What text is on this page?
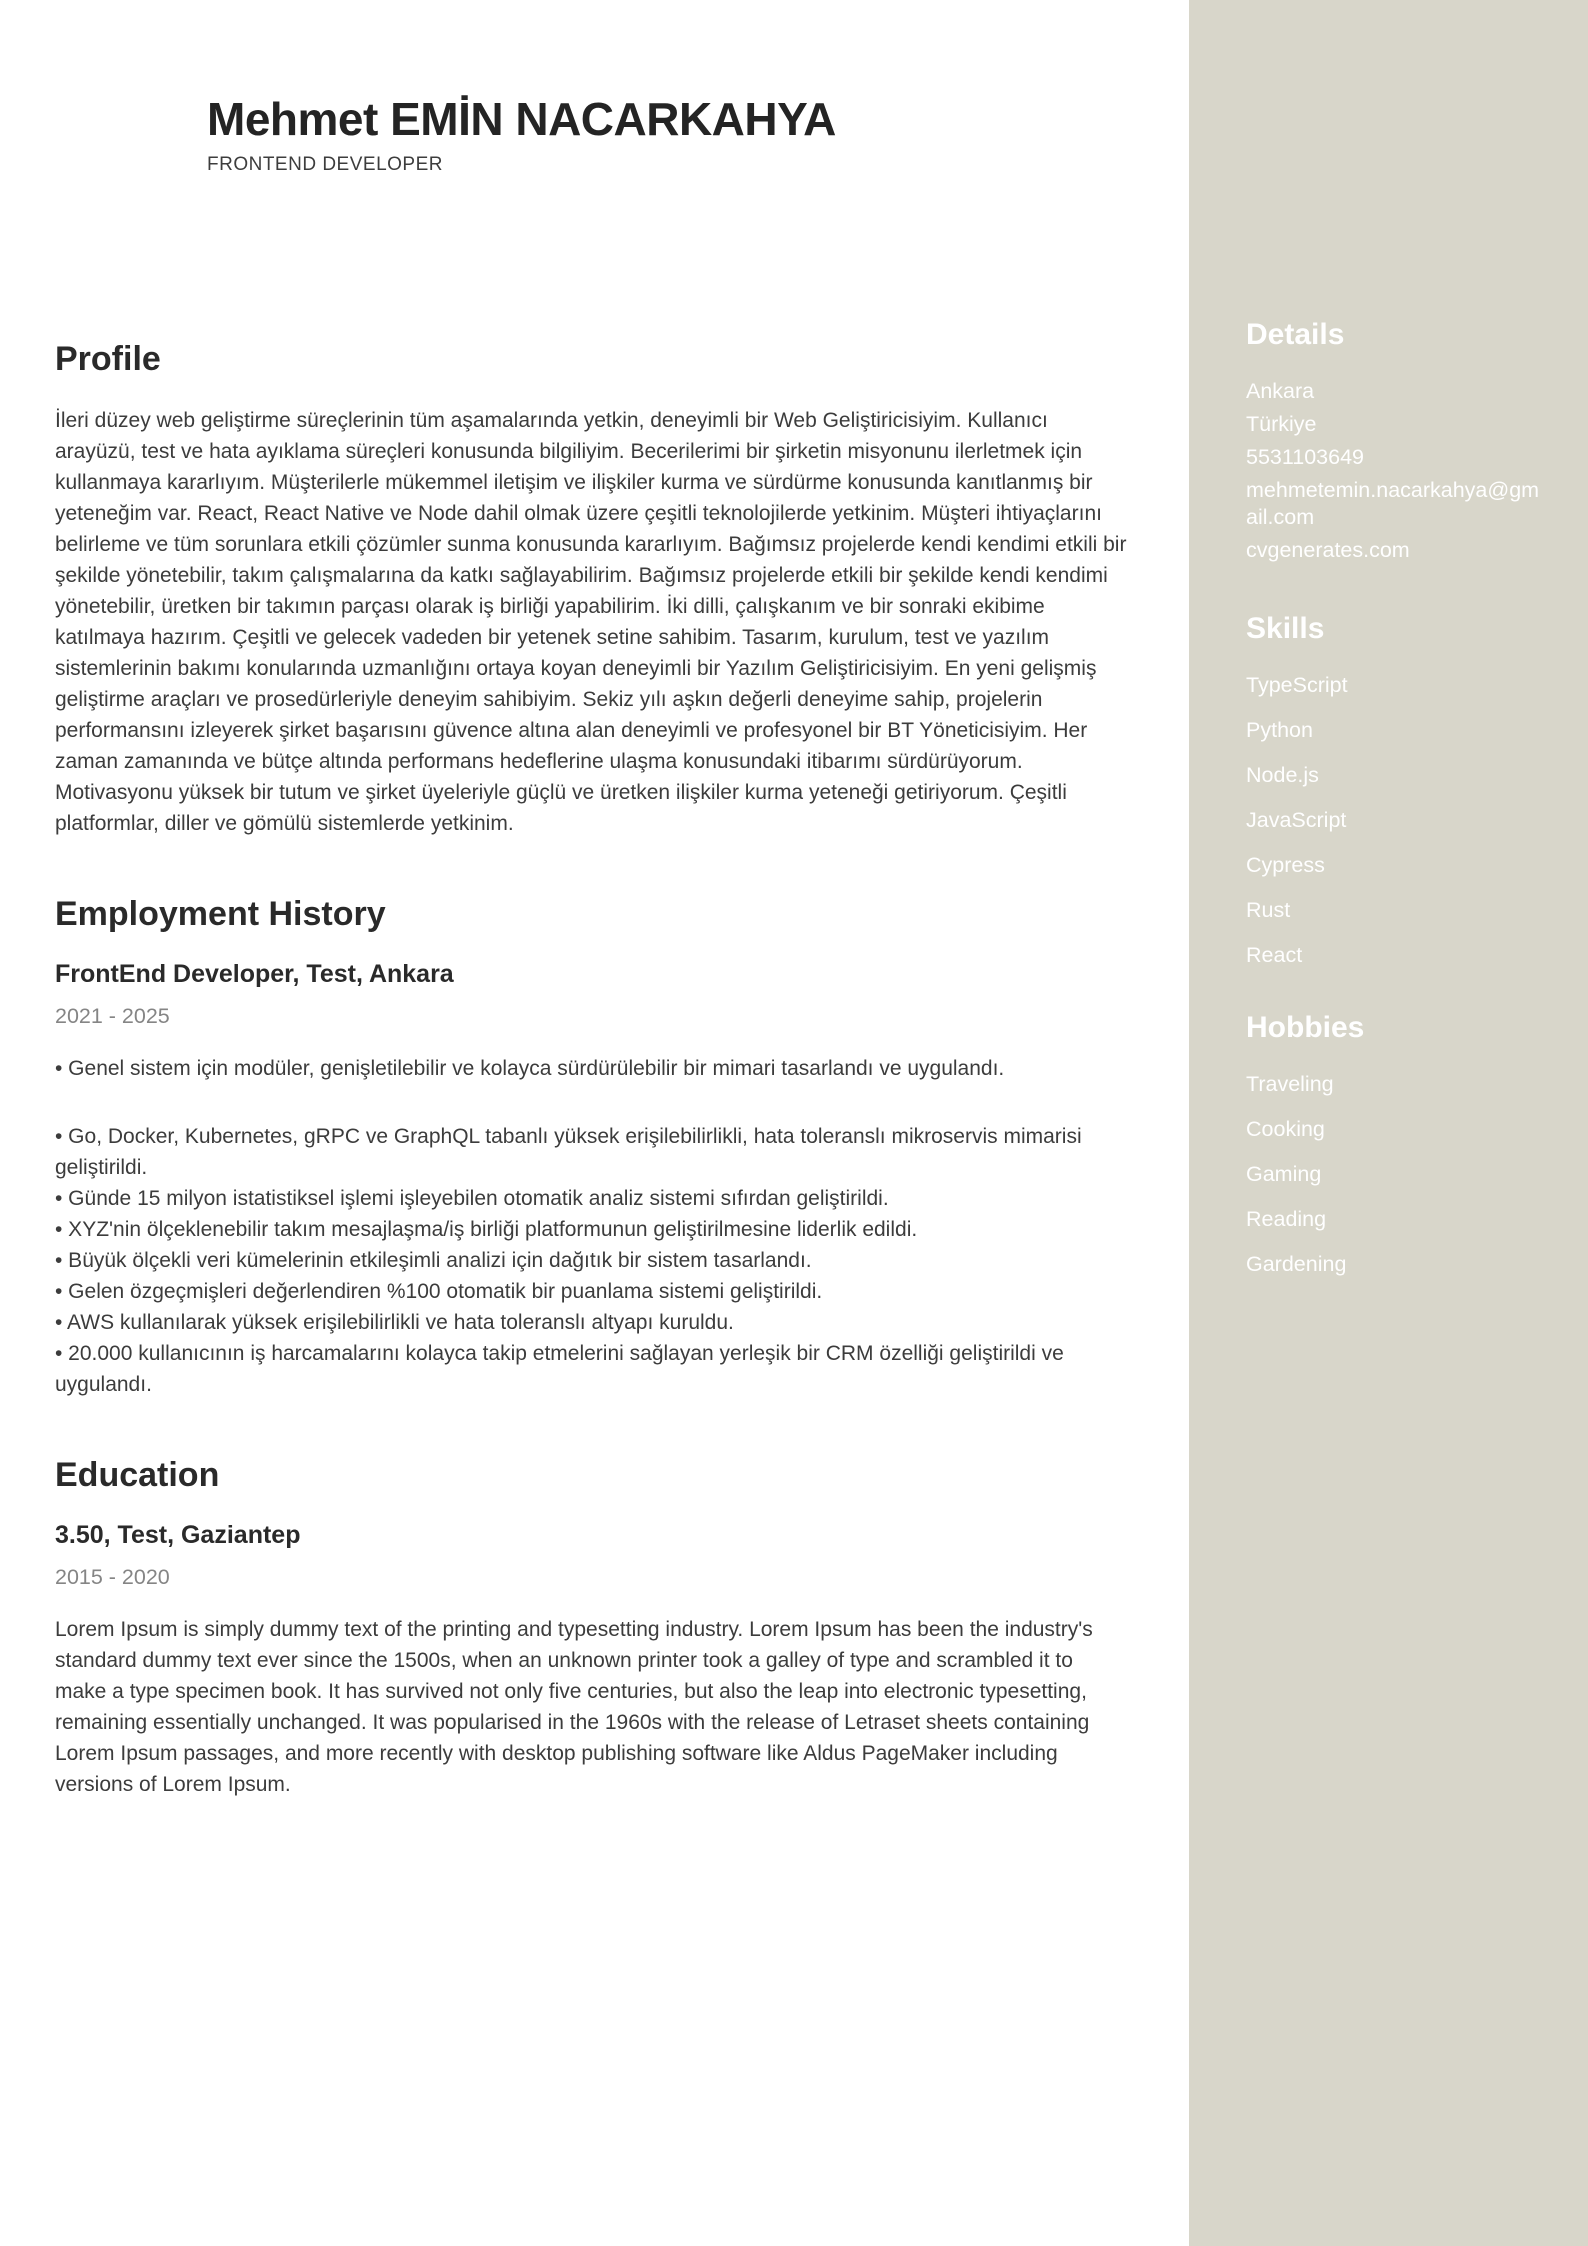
Mehmet EMİN NACARKAHYA
FRONTEND DEVELOPER
Profile

İleri düzey web geliştirme süreçlerinin tüm aşamalarında yetkin, deneyimli bir Web Geliştiricisiyim. Kullanıcı arayüzü, test ve hata ayıklama süreçleri konusunda bilgiliyim. Becerilerimi bir şirketin misyonunu ilerletmek için kullanmaya kararlıyım. Müşterilerle mükemmel iletişim ve ilişkiler kurma ve sürdürme konusunda kanıtlanmış bir yeteneğim var. React, React Native ve Node dahil olmak üzere çeşitli teknolojilerde yetkinim. Müşteri ihtiyaçlarını belirleme ve tüm sorunlara etkili çözümler sunma konusunda kararlıyım. Bağımsız projelerde kendi kendimi etkili bir şekilde yönetebilir, takım çalışmalarına da katkı sağlayabilirim. Bağımsız projelerde etkili bir şekilde kendi kendimi yönetebilir, üretken bir takımın parçası olarak iş birliği yapabilirim. İki dilli, çalışkanım ve bir sonraki ekibime katılmaya hazırım. Çeşitli ve gelecek vadeden bir yetenek setine sahibim. Tasarım, kurulum, test ve yazılım sistemlerinin bakımı konularında uzmanlığını ortaya koyan deneyimli bir Yazılım Geliştiricisiyim. En yeni gelişmiş geliştirme araçları ve prosedürleriyle deneyim sahibiyim. Sekiz yılı aşkın değerli deneyime sahip, projelerin performansını izleyerek şirket başarısını güvence altına alan deneyimli ve profesyonel bir BT Yöneticisiyim. Her zaman zamanında ve bütçe altında performans hedeflerine ulaşma konusundaki itibarımı sürdürüyorum. Motivasyonu yüksek bir tutum ve şirket üyeleriyle güçlü ve üretken ilişkiler kurma yeteneği getiriyorum. Çeşitli platformlar, diller ve gömülü sistemlerde yetkinim.

Employment History
FrontEnd Developer, Test, Ankara
2021 - 2025

• Genel sistem için modüler, genişletilebilir ve kolayca sürdürülebilir bir mimari tasarlandı ve uygulandı.

• Go, Docker, Kubernetes, gRPC ve GraphQL tabanlı yüksek erişilebilirlikli, hata toleranslı mikroservis mimarisi geliştirildi.

• Günde 15 milyon istatistiksel işlemi işleyebilen otomatik analiz sistemi sıfırdan geliştirildi.

• XYZ'nin ölçeklenebilir takım mesajlaşma/iş birliği platformunun geliştirilmesine liderlik edildi.

• Büyük ölçekli veri kümelerinin etkileşimli analizi için dağıtık bir sistem tasarlandı.

• Gelen özgeçmişleri değerlendiren %100 otomatik bir puanlama sistemi geliştirildi.

• AWS kullanılarak yüksek erişilebilirlikli ve hata toleranslı altyapı kuruldu.

• 20.000 kullanıcının iş harcamalarını kolayca takip etmelerini sağlayan yerleşik bir CRM özelliği geliştirildi ve uygulandı.

Education
3.50, Test, Gaziantep
2015 - 2020

Lorem Ipsum is simply dummy text of the printing and typesetting industry. Lorem Ipsum has been the industry's standard dummy text ever since the 1500s, when an unknown printer took a galley of type and scrambled it to make a type specimen book. It has survived not only five centuries, but also the leap into electronic typesetting, remaining essentially unchanged. It was popularised in the 1960s with the release of Letraset sheets containing Lorem Ipsum passages, and more recently with desktop publishing software like Aldus PageMaker including versions of Lorem Ipsum.

Details
Ankara
Türkiye
5531103649
mehmetemin.nacarkahya@gmail.com
cvgenerates.com
Skills
TypeScript
Python
Node.js
JavaScript
Cypress
Rust
React
Hobbies
Traveling
Cooking
Gaming
Reading
Gardening
